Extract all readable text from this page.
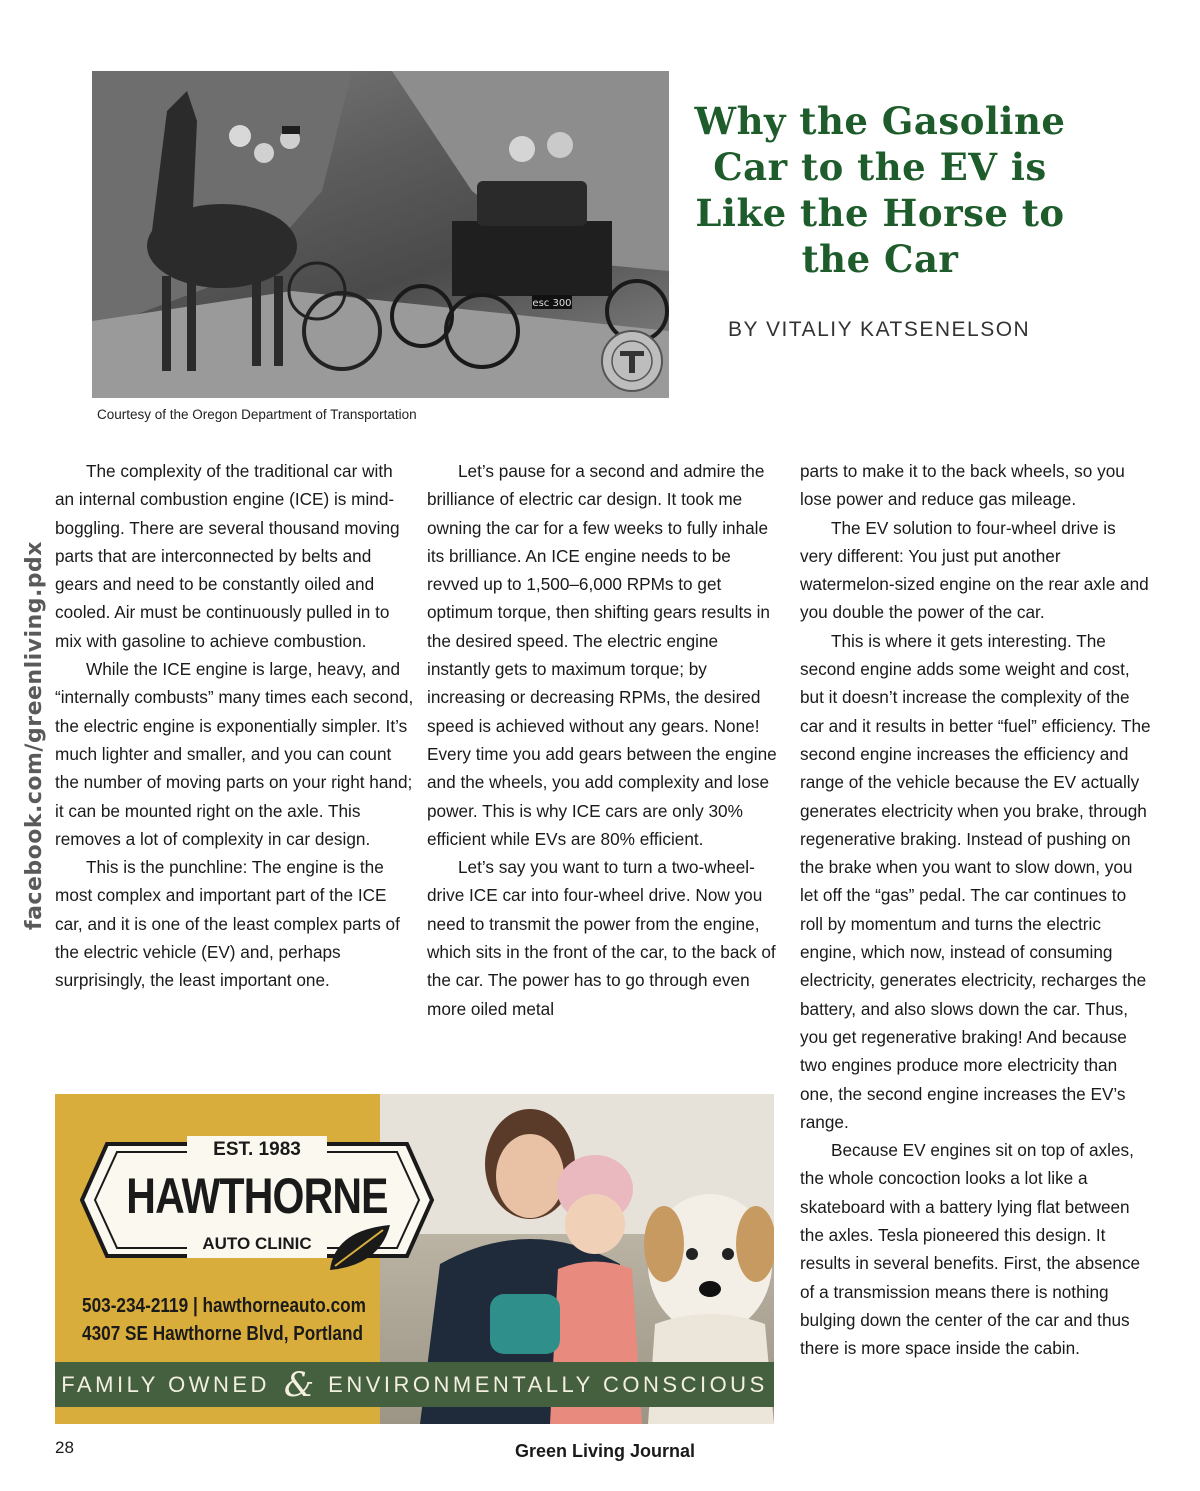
facebook.com/greenliving.pdx
esc 300
Courtesy of the Oregon Department of Transportation
Why the Gasoline Car to the EV is Like the Horse to the Car
BY VITALIY KATSENELSON

The complexity of the traditional car with an internal combustion engine (ICE) is mind-boggling. There are several thousand moving parts that are interconnected by belts and gears and need to be constantly oiled and cooled. Air must be continuously pulled in to mix with gasoline to achieve combustion.

While the ICE engine is large, heavy, and “internally combusts” many times each second, the electric engine is exponentially simpler. It’s much lighter and smaller, and you can count the number of moving parts on your right hand; it can be mounted right on the axle. This removes a lot of complexity in car design.

This is the punchline: The engine is the most complex and important part of the ICE car, and it is one of the least complex parts of the electric vehicle (EV) and, perhaps surprisingly, the least important one.

Let’s pause for a second and admire the brilliance of electric car design. It took me owning the car for a few weeks to fully inhale its brilliance. An ICE engine needs to be revved up to 1,500–6,000 RPMs to get optimum torque, then shifting gears results in the desired speed. The electric engine instantly gets to maximum torque; by increasing or decreasing RPMs, the desired speed is achieved without any gears. None! Every time you add gears between the engine and the wheels, you add complexity and lose power. This is why ICE cars are only 30% efficient while EVs are 80% efficient.

Let’s say you want to turn a two-wheel-drive ICE car into four-wheel drive. Now you need to transmit the power from the engine, which sits in the front of the car, to the back of the car. The power has to go through even more oiled metal

parts to make it to the back wheels, so you lose power and reduce gas mileage.

The EV solution to four-wheel drive is very different: You just put another watermelon-sized engine on the rear axle and you double the power of the car.

This is where it gets interesting. The second engine adds some weight and cost, but it doesn’t increase the complexity of the car and it results in better “fuel” efficiency. The second engine increases the efficiency and range of the vehicle because the EV actually generates electricity when you brake, through regenerative braking. Instead of pushing on the brake when you want to slow down, you let off the “gas” pedal. The car continues to roll by momentum and turns the electric engine, which now, instead of consuming electricity, generates electricity, recharges the battery, and also slows down the car. Thus, you get regenerative braking! And because two engines produce more electricity than one, the second engine increases the EV’s range.

Because EV engines sit on top of axles, the whole concoction looks a lot like a skateboard with a battery lying flat between the axles. Tesla pioneered this design. It results in several benefits. First, the absence of a transmission means there is nothing bulging down the center of the car and thus there is more space inside the cabin.

EST. 1983
HAWTHORNE
AUTO CLINIC
503-234-2119 | hawthorneauto.com
4307 SE Hawthorne Blvd, Portland
FAMILY OWNED & ENVIRONMENTALLY CONSCIOUS
28	Green Living Journal
